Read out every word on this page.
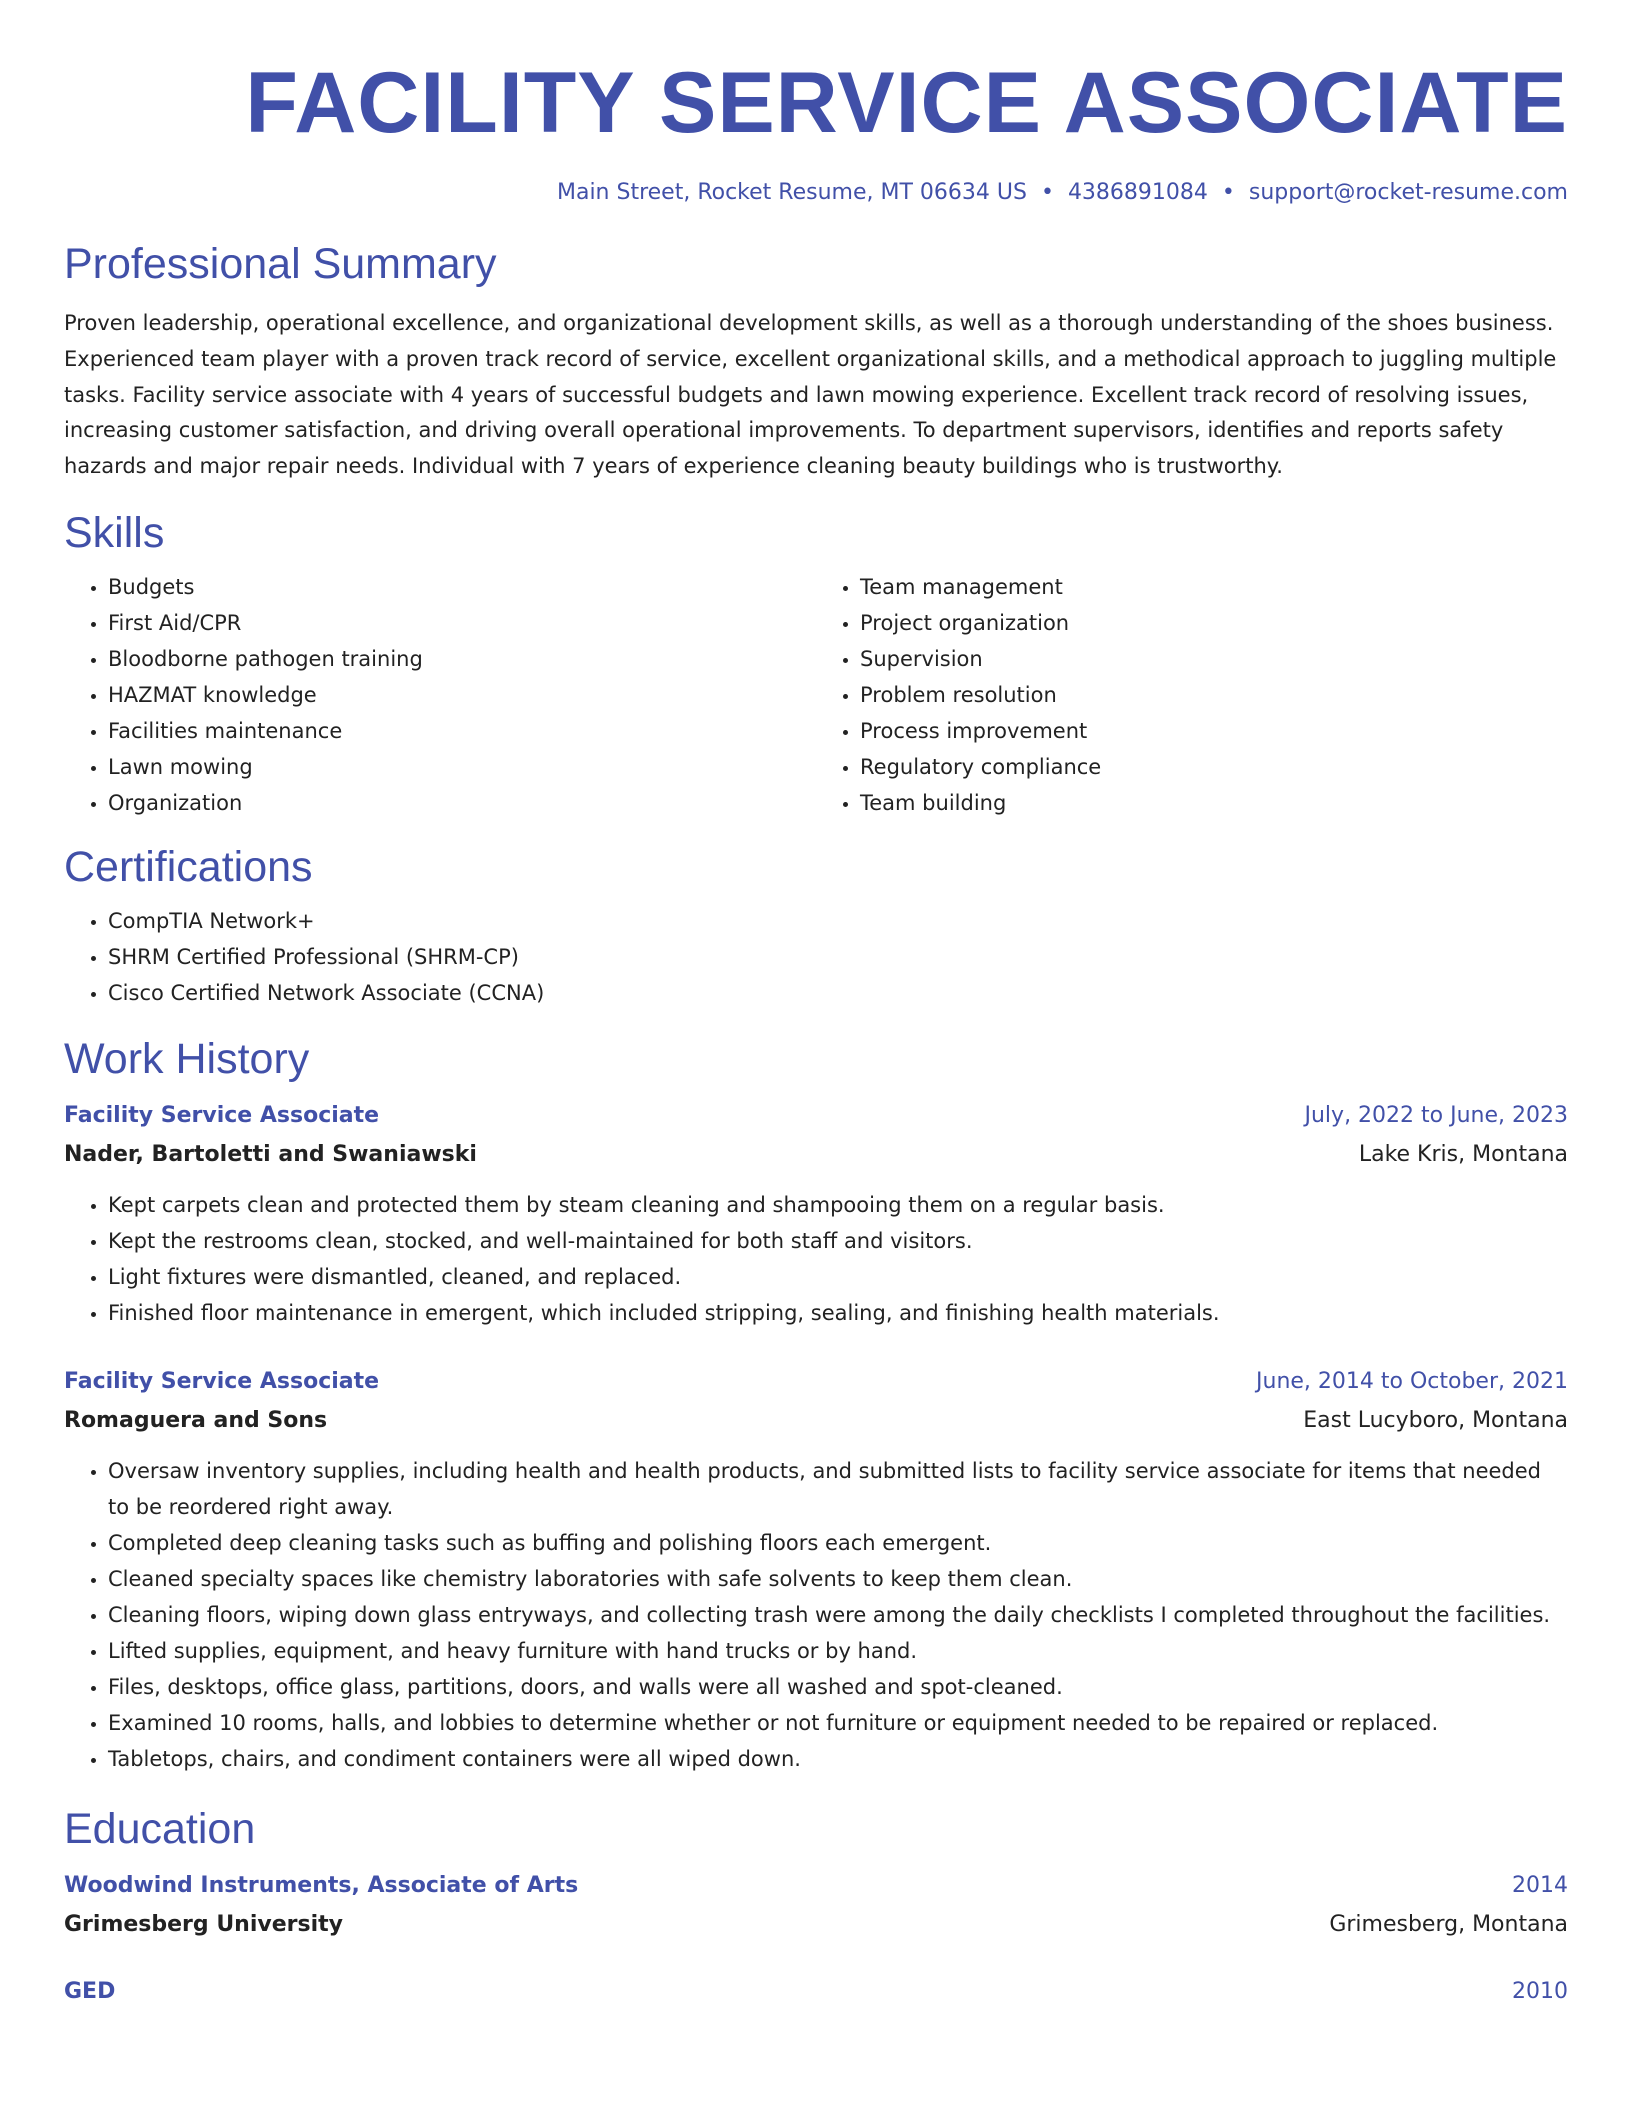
FACILITY SERVICE ASSOCIATE
Main Street, Rocket Resume, MT 06634 US • 4386891084 • support@rocket-resume.com
Professional Summary
Proven leadership, operational excellence, and organizational development skills, as well as a thorough understanding of the shoes business. Experienced team player with a proven track record of service, excellent organizational skills, and a methodical approach to juggling multiple tasks. Facility service associate with 4 years of successful budgets and lawn mowing experience. Excellent track record of resolving issues, increasing customer satisfaction, and driving overall operational improvements. To department supervisors, identifies and reports safety hazards and major repair needs. Individual with 7 years of experience cleaning beauty buildings who is trustworthy.
Skills
• Budgets
• First Aid/CPR
• Bloodborne pathogen training
• HAZMAT knowledge
• Facilities maintenance
• Lawn mowing
• Organization
• Team management
• Project organization
• Supervision
• Problem resolution
• Process improvement
• Regulatory compliance
• Team building
Certifications
• CompTIA Network+
• SHRM Certified Professional (SHRM-CP)
• Cisco Certified Network Associate (CCNA)
Work History
Facility Service Associate	July, 2022 to June, 2023
Nader, Bartoletti and Swaniawski	Lake Kris, Montana
• Kept carpets clean and protected them by steam cleaning and shampooing them on a regular basis.
• Kept the restrooms clean, stocked, and well-maintained for both staff and visitors.
• Light fixtures were dismantled, cleaned, and replaced.
• Finished floor maintenance in emergent, which included stripping, sealing, and finishing health materials.
Facility Service Associate	June, 2014 to October, 2021
Romaguera and Sons	East Lucyboro, Montana
• Oversaw inventory supplies, including health and health products, and submitted lists to facility service associate for items that needed to be reordered right away.
• Completed deep cleaning tasks such as buffing and polishing floors each emergent.
• Cleaned specialty spaces like chemistry laboratories with safe solvents to keep them clean.
• Cleaning floors, wiping down glass entryways, and collecting trash were among the daily checklists I completed throughout the facilities.
• Lifted supplies, equipment, and heavy furniture with hand trucks or by hand.
• Files, desktops, office glass, partitions, doors, and walls were all washed and spot-cleaned.
• Examined 10 rooms, halls, and lobbies to determine whether or not furniture or equipment needed to be repaired or replaced.
• Tabletops, chairs, and condiment containers were all wiped down.
Education
Woodwind Instruments, Associate of Arts	2014
Grimesberg University	Grimesberg, Montana
GED	2010
